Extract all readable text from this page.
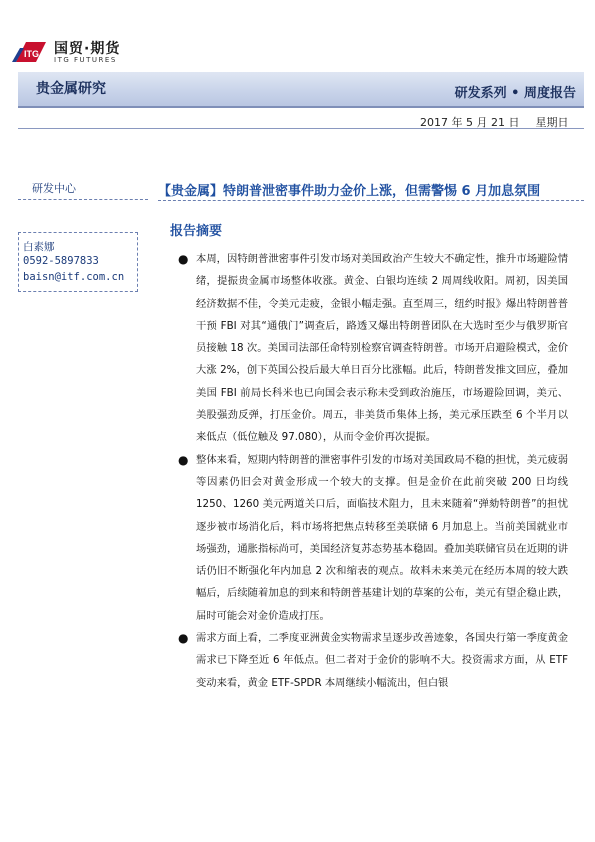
ITG 国贸·期货
ITG FUTURES
贵金属研究	研发系列 • 周度报告
2017 年 5 月 21 日 星期日
研发中心
白素娜
0592-5897833
baisn@itf.com.cn
【贵金属】特朗普泄密事件助力金价上涨，但需警惕 6 月加息氛围
报告摘要
● 本周，因特朗普泄密事件引发市场对美国政治产生较大不确定性，推升市场避险情绪，提振贵金属市场整体收涨。黄金、白银均连续 2 周周线收阳。周初，因美国经济数据不佳，令美元走疲，金银小幅走强。直至周三，纽约时报》爆出特朗普普干预 FBI 对其“通俄门”调查后，路透又爆出特朗普团队在大选时至少与俄罗斯官员接触 18 次。美国司法部任命特别检察官调查特朗普。市场开启避险模式，金价大涨 2%，创下英国公投后最大单日百分比涨幅。此后，特朗普发推文回应，叠加美国 FBI 前局长科米也已向国会表示称未受到政治施压，市场避险回调，美元、美股强劲反弹，打压金价。周五，非美货币集体上扬，美元承压跌至 6 个半月以来低点（低位触及 97.080），从而令金价再次提振。

● 整体来看，短期内特朗普的泄密事件引发的市场对美国政局不稳的担忧，美元疲弱等因素仍旧会对黄金形成一个较大的支撑。但是金价在此前突破 200 日均线 1250、1260 美元两道关口后，面临技术阻力，且未来随着“弹劾特朗普”的担忧逐步被市场消化后，料市场将把焦点转移至美联储 6 月加息上。当前美国就业市场强劲，通胀指标尚可，美国经济复苏态势基本稳固。叠加美联储官员在近期的讲话仍旧不断强化年内加息 2 次和缩表的观点。故料未来美元在经历本周的较大跌幅后，后续随着加息的到来和特朗普基建计划的草案的公布，美元有望企稳止跌，届时可能会对金价造成打压。

● 需求方面上看，二季度亚洲黄金实物需求呈逐步改善迹象，各国央行第一季度黄金需求已下降至近 6 年低点。但二者对于金价的影响不大。投资需求方面，从 ETF 变动来看，黄金 ETF-SPDR 本周继续小幅流出，但白银
